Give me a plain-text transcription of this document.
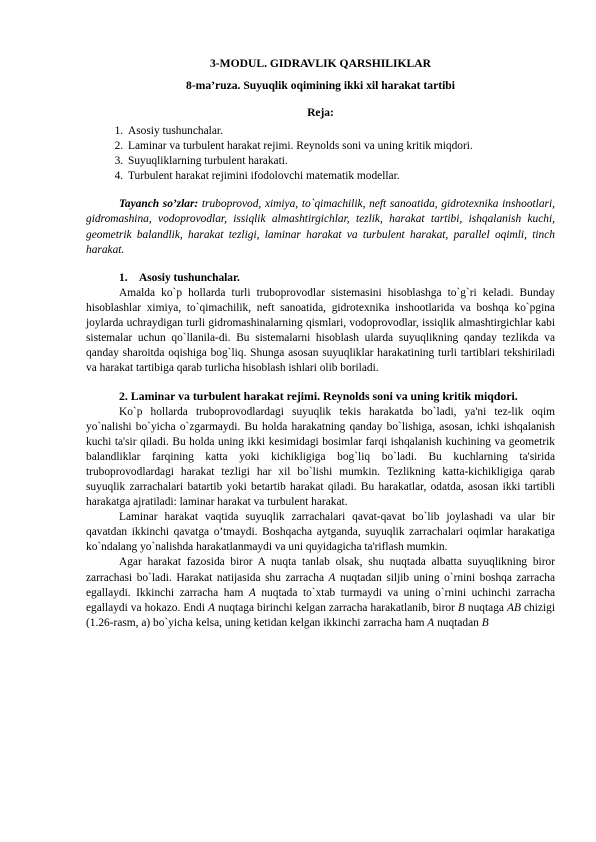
3-MODUL. GIDRAVLIK QARSHILIKLAR
8-ma’ruza. Suyuqlik oqimining ikki xil harakat tartibi
Reja:
1. Asosiy tushunchalar.
2. Laminar va turbulent harakat rejimi. Reynolds soni va uning kritik miqdori.
3. Suyuqliklarning turbulent harakati.
4. Turbulent harakat rejimini ifodolovchi matematik modellar.

Tayanch so’zlar: truboprovod, ximiya, to`qimachilik, neft sanoatida, gidrotexnika inshootlari, gidromashina, vodoprovodlar, issiqlik almashtirgichlar, tezlik, harakat tartibi, ishqalanish kuchi, geometrik balandlik, harakat tezligi, laminar harakat va turbulent harakat, parallel oqimli, tinch harakat.

1. Asosiy tushunchalar.

Amalda ko`p hollarda turli truboprovodlar sistemasini hisoblashga to`g`ri keladi. Bunday hisoblashlar ximiya, to`qimachilik, neft sanoatida, gidrotexnika inshootlarida va boshqa ko`pgina joylarda uchraydigan turli gidromashinalarning qismlari, vodoprovodlar, issiqlik almashtirgichlar kabi sistemalar uchun qo`llanila-di. Bu sistemalarni hisoblash ularda suyuqlikning qanday tezlikda va qanday sharoitda oqishiga bog`liq. Shunga asosan suyuqliklar harakatining turli tartiblari tekshiriladi va harakat tartibiga qarab turlicha hisoblash ishlari olib boriladi.

2. Laminar va turbulent harakat rejimi. Reynolds soni va uning kritik miqdori.

Ko`p hollarda truboprovodlardagi suyuqlik tekis harakatda bo`ladi, ya'ni tez-lik oqim yo`nalishi bo`yicha o`zgarmaydi. Bu holda harakatning qanday bo`lishiga, asosan, ichki ishqalanish kuchi ta'sir qiladi. Bu holda uning ikki kesimidagi bosimlar farqi ishqalanish kuchining va geometrik balandliklar farqining katta yoki kichikligiga bog`liq bo`ladi. Bu kuchlarning ta'sirida truboprovodlardagi harakat tezligi har xil bo`lishi mumkin. Tezlikning katta-kichikligiga qarab suyuqlik zarrachalari batartib yoki betartib harakat qiladi. Bu harakatlar, odatda, asosan ikki tartibli harakatga ajratiladi: laminar harakat va turbulent harakat.

Laminar harakat vaqtida suyuqlik zarrachalari qavat-qavat bo`lib joylashadi va ular bir qavatdan ikkinchi qavatga o’tmaydi. Boshqacha aytganda, suyuqlik zarrachalari oqimlar harakatiga ko`ndalang yo`nalishda harakatlanmaydi va uni quyidagicha ta'riflash mumkin.

Agar harakat fazosida biror A nuqta tanlab olsak, shu nuqtada albatta suyuqlikning biror zarrachasi bo`ladi. Harakat natijasida shu zarracha A nuqtadan siljib uning o`rnini boshqa zarracha egallaydi. Ikkinchi zarracha ham A nuqtada to`xtab turmaydi va uning o`rnini uchinchi zarracha egallaydi va hokazo. Endi A nuqtaga birinchi kelgan zarracha harakatlanib, biror B nuqtaga AB chizigi (1.26-rasm, a) bo`yicha kelsa, uning ketidan kelgan ikkinchi zarracha ham A nuqtadan B
